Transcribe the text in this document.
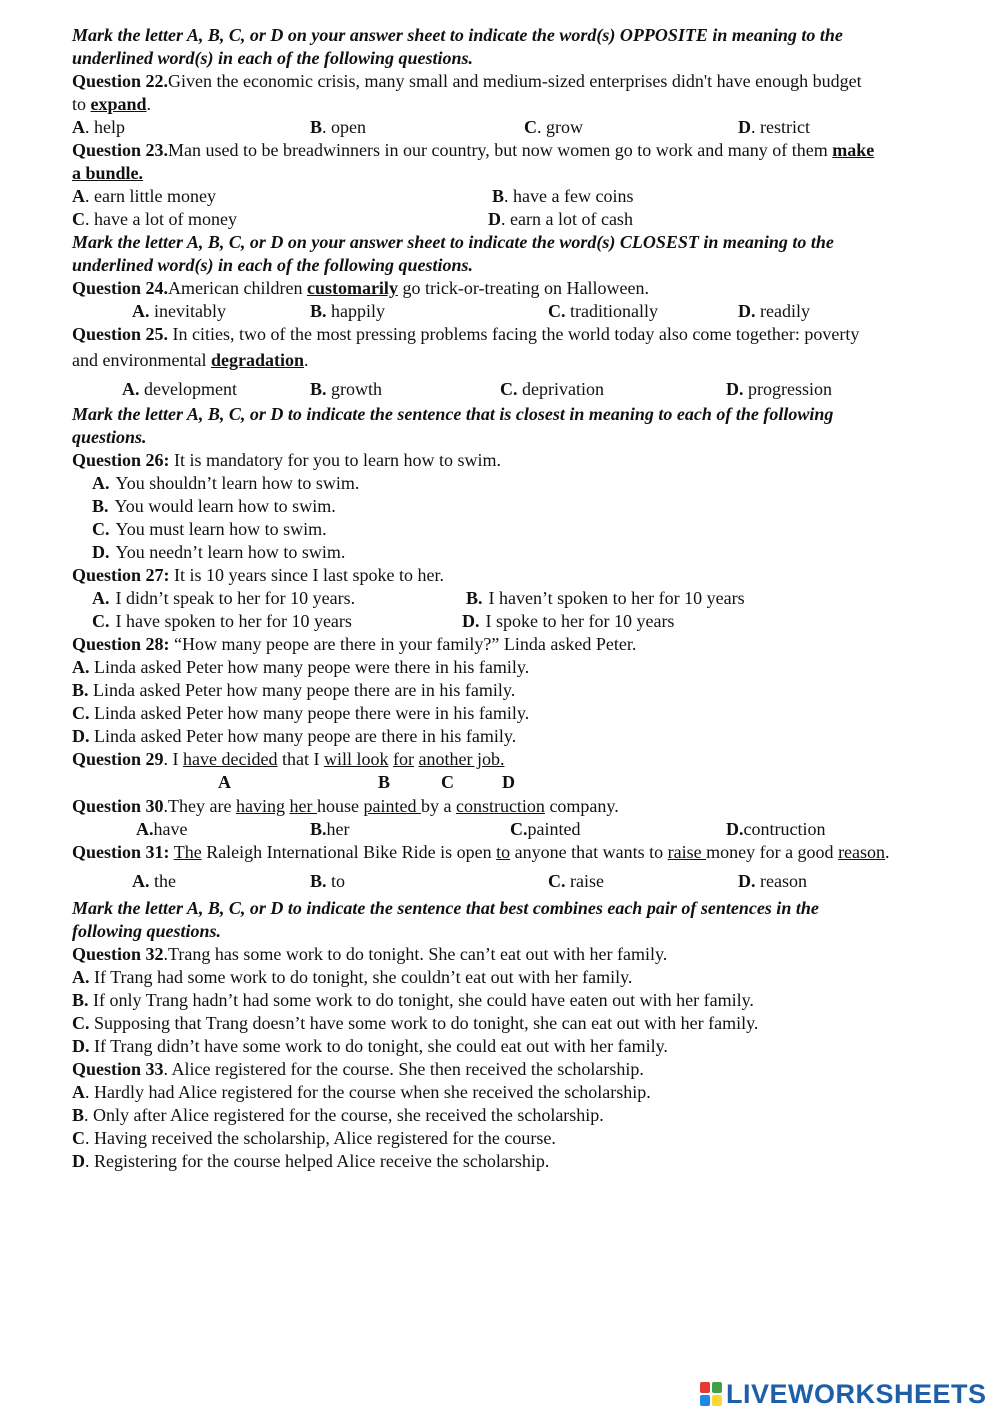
Mark the letter A, B, C, or D on your answer sheet to indicate the word(s) OPPOSITE in meaning to the
underlined word(s) in each of the following questions.
Question 22.Given the economic crisis, many small and medium-sized enterprises didn't have enough budget
to expand.
A. help	B. open	C. grow	D. restrict
Question 23.Man used to be breadwinners in our country, but now women go to work and many of them make
a bundle.
A. earn little money	B. have a few coins
C. have a lot of money	D. earn a lot of cash
Mark the letter A, B, C, or D on your answer sheet to indicate the word(s) CLOSEST in meaning to the
underlined word(s) in each of the following questions.
Question 24.American children customarily go trick-or-treating on Halloween.
A. inevitably	B. happily	C. traditionally	D. readily
Question 25. In cities, two of the most pressing problems facing the world today also come together: poverty
and environmental degradation.
A. development	B. growth	C. deprivation	D. progression
Mark the letter A, B, C, or D to indicate the sentence that is closest in meaning to each of the following
questions.
Question 26: It is mandatory for you to learn how to swim.
A. You shouldn’t learn how to swim.
B. You would learn how to swim.
C. You must learn how to swim.
D. You needn’t learn how to swim.
Question 27: It is 10 years since I last spoke to her.
A. I didn’t speak to her for 10 years.	B. I haven’t spoken to her for 10 years
C. I have spoken to her for 10 years	D. I spoke to her for 10 years
Question 28: “How many peope are there in your family?” Linda asked Peter.
A. Linda asked Peter how many peope were there in his family.
B. Linda asked Peter how many peope there are in his family.
C. Linda asked Peter how many peope there were in his family.
D. Linda asked Peter how many peope are there in his family.
Question 29. I have decided that I will look for another job.
A	B	C	D
Question 30.They are having her house painted by a construction company.
A.have	B.her	C.painted	D.contruction
Question 31: The Raleigh International Bike Ride is open to anyone that wants to raise money for a good reason.
A. the	B. to	C. raise	D. reason
Mark the letter A, B, C, or D to indicate the sentence that best combines each pair of sentences in the
following questions.
Question 32.Trang has some work to do tonight. She can’t eat out with her family.
A. If Trang had some work to do tonight, she couldn’t eat out with her family.
B. If only Trang hadn’t had some work to do tonight, she could have eaten out with her family.
C. Supposing that Trang doesn’t have some work to do tonight, she can eat out with her family.
D. If Trang didn’t have some work to do tonight, she could eat out with her family.
Question 33. Alice registered for the course. She then received the scholarship.
A. Hardly had Alice registered for the course when she received the scholarship.
B. Only after Alice registered for the course, she received the scholarship.
C. Having received the scholarship, Alice registered for the course.
D. Registering for the course helped Alice receive the scholarship.
LIVEWORKSHEETS
